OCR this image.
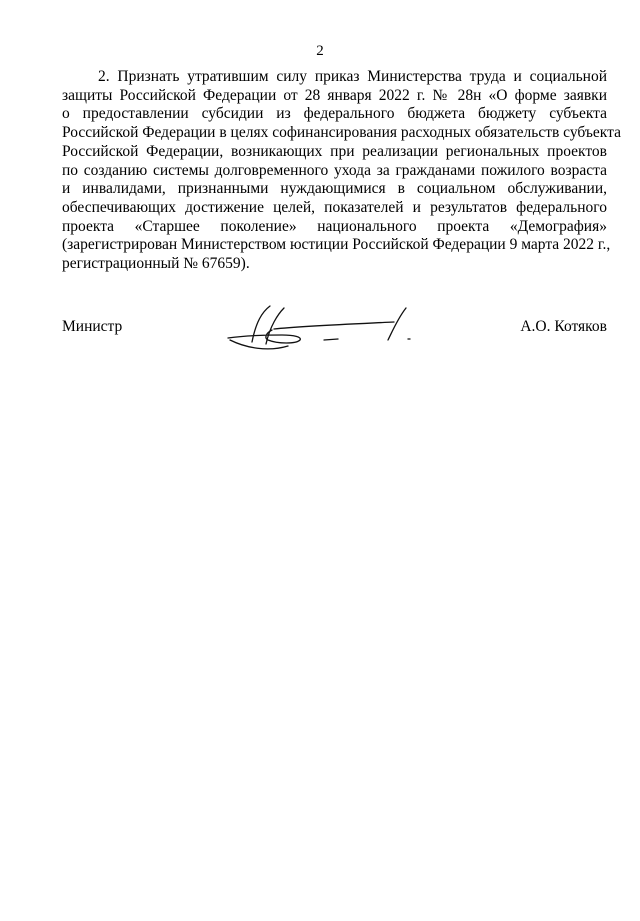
2
2. Признать утратившим силу приказ Министерства труда и социальной
защиты Российской Федерации от 28 января 2022 г. № 28н «О форме заявки
о предоставлении субсидии из федерального бюджета бюджету субъекта
Российской Федерации в целях софинансирования расходных обязательств субъекта
Российской Федерации, возникающих при реализации региональных проектов
по созданию системы долговременного ухода за гражданами пожилого возраста
и инвалидами, признанными нуждающимися в социальном обслуживании,
обеспечивающих достижение целей, показателей и результатов федерального
проекта «Старшее поколение» национального проекта «Демография»
(зарегистрирован Министерством юстиции Российской Федерации 9 марта 2022 г.,
регистрационный № 67659).
Министр	А.О. Котяков
